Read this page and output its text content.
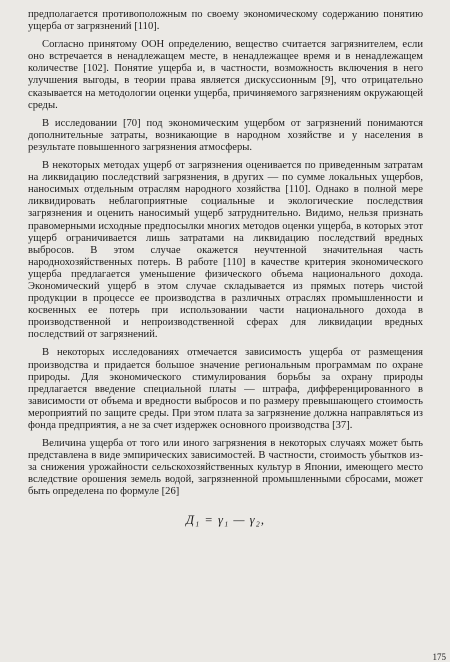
предполагается противоположным по своему экономическому содержанию понятию ущерба от загрязнений [110].

Согласно принятому ООН определению, вещество считается загрязнителем, если оно встречается в ненадлежащем месте, в ненадлежащее время и в ненадлежащем количестве [102]. Понятие ущерба и, в частности, возможность включения в него улучшения выгоды, в теории права является дискуссионным [9], что отрицательно сказывается на методологии оценки ущерба, причиняемого загрязнениям окружающей среды.

В исследовании [70] под экономическим ущербом от загрязнений понимаются дополнительные затраты, возникающие в народном хозяйстве и у населения в результате повышенного загрязнения атмосферы.

В некоторых методах ущерб от загрязнения оценивается по приведенным затратам на ликвидацию последствий загрязнения, в других — по сумме локальных ущербов, наносимых отдельным отраслям народного хозяйства [110]. Однако в полной мере ликвидировать неблагоприятные социальные и экологические последствия загрязнения и оценить наносимый ущерб затруднительно. Видимо, нельзя признать правомерными исходные предпосылки многих методов оценки ущерба, в которых этот ущерб ограничивается лишь затратами на ликвидацию последствий вредных выбросов. В этом случае окажется неучтенной значительная часть народнохозяйственных потерь. В работе [110] в качестве критерия экономического ущерба предлагается уменьшение физического объема национального дохода. Экономический ущерб в этом случае складывается из прямых потерь чистой продукции в процессе ее производства в различных отраслях промышленности и косвенных ее потерь при использовании части национального дохода в производственной и непроизводственной сферах для ликвидации вредных последствий от загрязнений.

В некоторых исследованиях отмечается зависимость ущерба от размещения производства и придается большое значение региональным программам по охране природы. Для экономического стимулирования борьбы за охрану природы предлагается введение специальной платы — штрафа, дифференцированного в зависимости от объема и вредности выбросов и по размеру превышающего стоимость мероприятий по защите среды. При этом плата за загрязнение должна направляться из фонда предприятия, а не за счет издержек основного производства [37].

Величина ущерба от того или иного загрязнения в некоторых случаях может быть представлена в виде эмпирических зависимостей. В частности, стоимость убытков из-за снижения урожайности сельскохозяйственных культур в Японии, имеющего место вследствие орошения земель водой, загрязненной промышленными сбросами, может быть определена по формуле [26]

Д₁ = γ₁ — γ₂,
175
